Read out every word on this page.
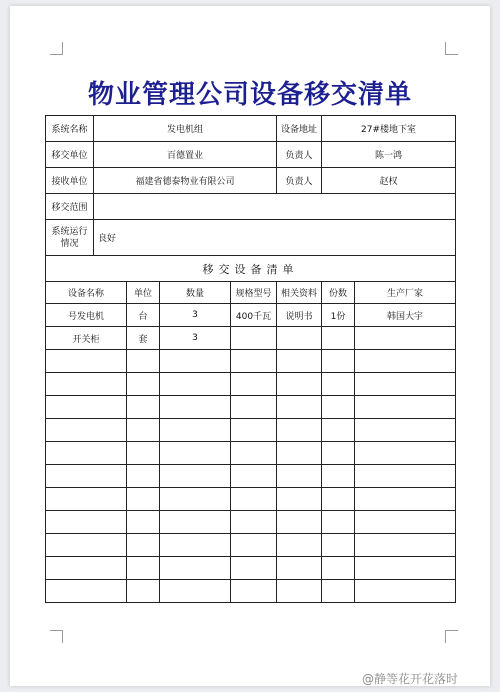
物业管理公司设备移交清单
系统名称	发电机组				设备地址	27#楼地下室	
移交单位	百德置业				负责人	陈一鸿	
接收单位	福建省德泰物业有限公司				负责人	赵权	
移交范围							
系统运行情况	良好						
移交设备清单							
设备名称		单位	数量	规格型号	相关资料	份数	生产厂家
号发电机		台	3	400千瓦	说明书	1份	韩国大宇
开关柜		套	3				

@静等花开花落时
